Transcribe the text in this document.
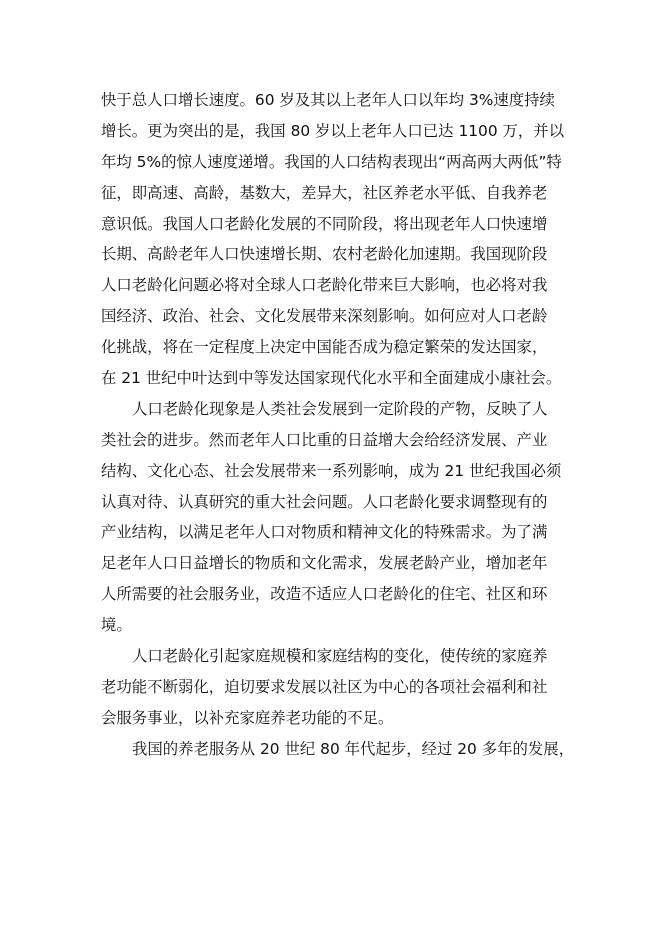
快于总人口增长速度。60 岁及其以上老年人口以年均 3%速度持续
增长。更为突出的是，我国 80 岁以上老年人口已达 1100 万，并以
年均 5%的惊人速度递增。我国的人口结构表现出“两高两大两低”特
征，即高速、高龄，基数大，差异大，社区养老水平低、自我养老
意识低。我国人口老龄化发展的不同阶段，将出现老年人口快速增
长期、高龄老年人口快速增长期、农村老龄化加速期。我国现阶段
人口老龄化问题必将对全球人口老龄化带来巨大影响，也必将对我
国经济、政治、社会、文化发展带来深刻影响。如何应对人口老龄
化挑战，将在一定程度上决定中国能否成为稳定繁荣的发达国家，
在 21 世纪中叶达到中等发达国家现代化水平和全面建成小康社会。

人口老龄化现象是人类社会发展到一定阶段的产物，反映了人
类社会的进步。然而老年人口比重的日益增大会给经济发展、产业
结构、文化心态、社会发展带来一系列影响，成为 21 世纪我国必须
认真对待、认真研究的重大社会问题。人口老龄化要求调整现有的
产业结构，以满足老年人口对物质和精神文化的特殊需求。为了满
足老年人口日益增长的物质和文化需求，发展老龄产业，增加老年
人所需要的社会服务业，改造不适应人口老龄化的住宅、社区和环
境。

人口老龄化引起家庭规模和家庭结构的变化，使传统的家庭养
老功能不断弱化，迫切要求发展以社区为中心的各项社会福利和社
会服务事业，以补充家庭养老功能的不足。

我国的养老服务从 20 世纪 80 年代起步，经过 20 多年的发展，
